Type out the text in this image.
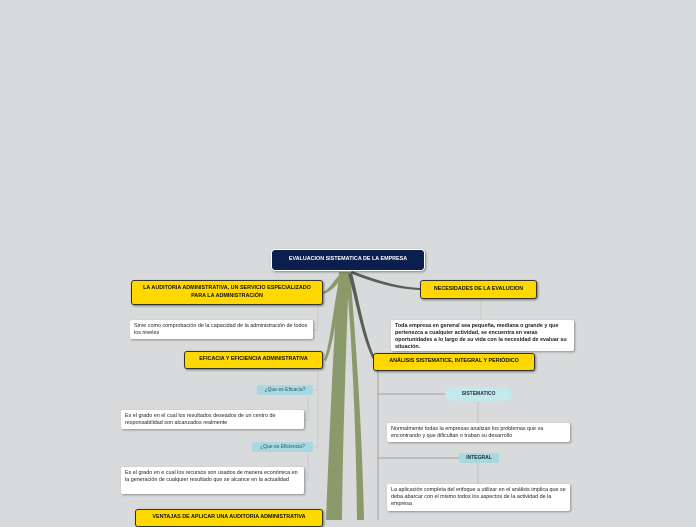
EVALUACION SISTEMATICA DE LA EMPRESA
LA AUDITORIA ADMINISTRATIVA, UN SERVICIO ESPECIALIZADO PARA LA ADMINISTRACIÓN
Sirve como comprobación de la capacidad de la administración de todos los niveles
EFICACIA Y EFICIENCIA ADMINISTRATIVA
¿Que es Eficacia?
Es el grado en el cual los resultados deseados de un centro de responsabilidad son alcanzados realmente
¿Que es Eficiencia?
Es el grado en e cual los recursos son usados de manera económica en la generación de cualquier resultado que se alcance en la actualidad
VENTAJAS DE APLICAR UNA AUDITORIA ADMINISTRATIVA
NECESIDADES DE LA EVALUCION
Toda empresa en general sea pequeña, mediana o grande y que pertenezca a cualquier actividad, se encuentra en varas oportunidades a lo largo de su vida con la necesidad de evaluar su situación.
ANÁLISIS SISTEMATICE, INTEGRAL Y PERIÓDICO
SISTEMATICO
Normalmente todas la empresas analizan los problemas que va encontrando y que dificultan o traban su desarrollo
INTEGRAL
La aplicación completa del enfoque a utilizar en el análisis implica que se deba abarcar con el mismo todos los aspectos de la actividad de la empresa
